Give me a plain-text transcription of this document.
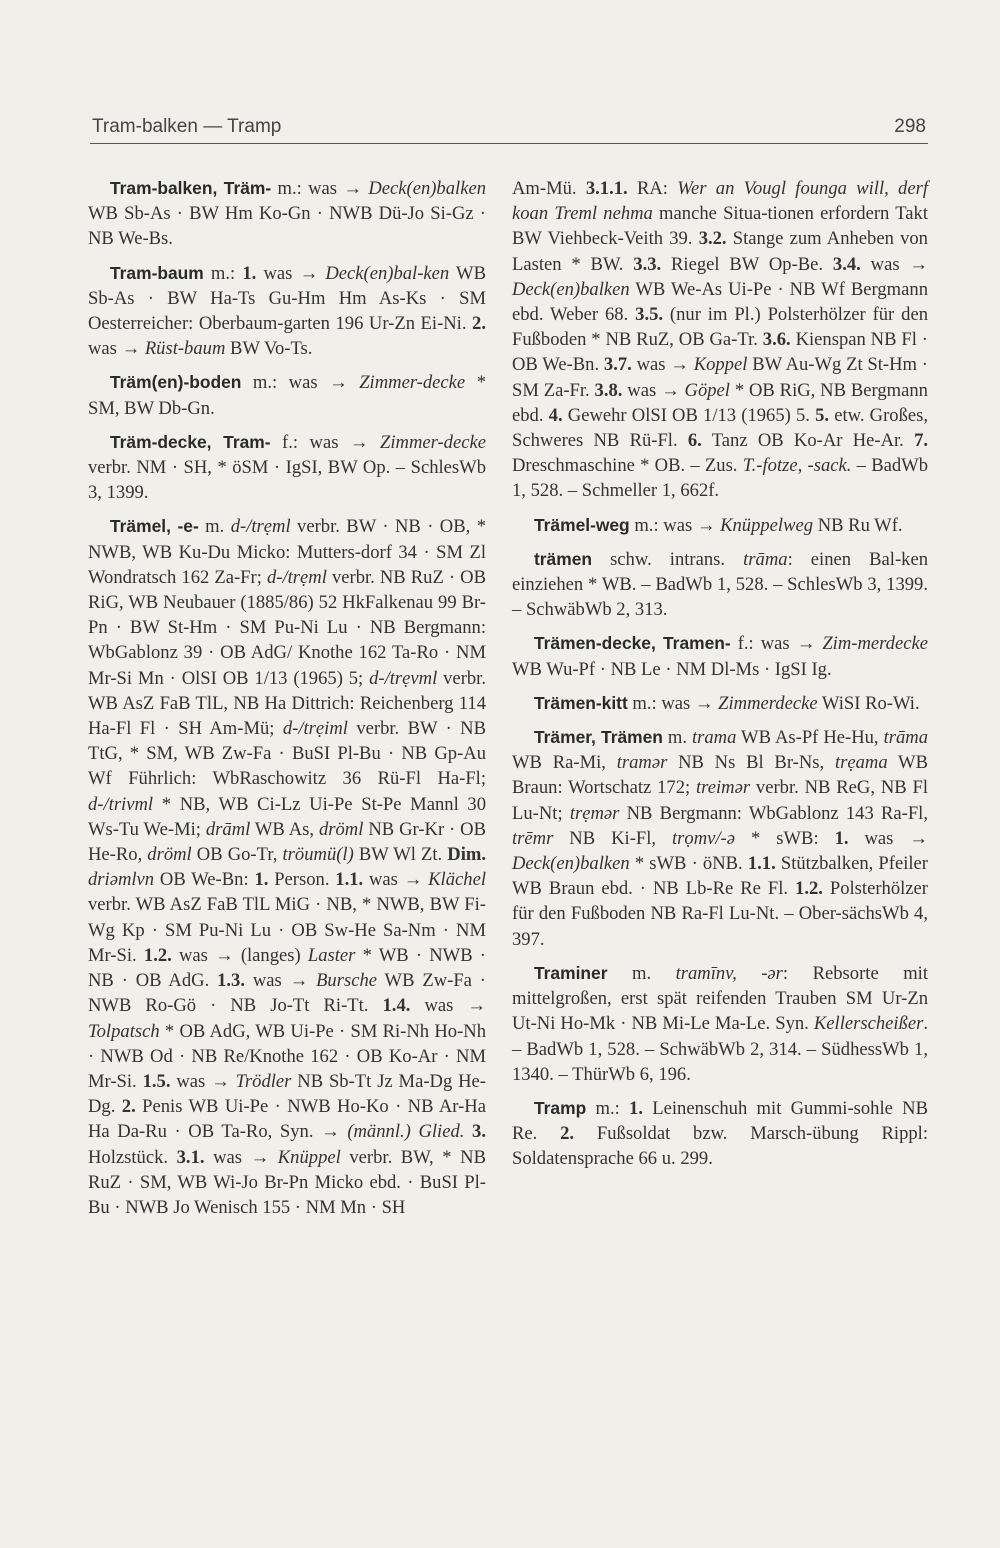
Tram-balken — Tramp	298

Tram-balken, Träm- m.: was → Deck(en)balken WB Sb-As · BW Hm Ko-Gn · NWB Dü-Jo Si-Gz · NB We-Bs.

Tram-baum m.: 1. was → Deck(en)bal-ken WB Sb-As · BW Ha-Ts Gu-Hm Hm As-Ks · SM Oesterreicher: Oberbaum-garten 196 Ur-Zn Ei-Ni. 2. was → Rüst-baum BW Vo-Ts.

Träm(en)-boden m.: was → Zimmer-decke * SM, BW Db-Gn.

Träm-decke, Tram- f.: was → Zimmer-decke verbr. NM · SH, * öSM · IgSI, BW Op. – SchlesWb 3, 1399.

Trämel, -e- m. d-/trẹml verbr. BW · NB · OB, * NWB, WB Ku-Du Micko: Mutters-dorf 34 · SM Zl Wondratsch 162 Za-Fr; d-/trẹml verbr. NB RuZ · OB RiG, WB Neubauer (1885/86) 52 HkFalkenau 99 Br-Pn · BW St-Hm · SM Pu-Ni Lu · NB Bergmann: WbGablonz 39 · OB AdG/ Knothe 162 Ta-Ro · NM Mr-Si Mn · OlSI OB 1/13 (1965) 5; d-/trẹvml verbr. WB AsZ FaB TlL, NB Ha Dittrich: Reichenberg 114 Ha-Fl Fl · SH Am-Mü; d-/trẹiml verbr. BW · NB TtG, * SM, WB Zw-Fa · BuSI Pl-Bu · NB Gp-Au Wf Führlich: WbRaschowitz 36 Rü-Fl Ha-Fl; d-/trivml * NB, WB Ci-Lz Ui-Pe St-Pe Mannl 30 Ws-Tu We-Mi; drāml WB As, dröml NB Gr-Kr · OB He-Ro, dröml OB Go-Tr, tröumü(l) BW Wl Zt. Dim. driəmlvn OB We-Bn: 1. Person. 1.1. was → Klächel verbr. WB AsZ FaB TlL MiG · NB, * NWB, BW Fi-Wg Kp · SM Pu-Ni Lu · OB Sw-He Sa-Nm · NM Mr-Si. 1.2. was → (langes) Laster * WB · NWB · NB · OB AdG. 1.3. was → Bursche WB Zw-Fa · NWB Ro-Gö · NB Jo-Tt Ri-Tt. 1.4. was → Tolpatsch * OB AdG, WB Ui-Pe · SM Ri-Nh Ho-Nh · NWB Od · NB Re/Knothe 162 · OB Ko-Ar · NM Mr-Si. 1.5. was → Trödler NB Sb-Tt Jz Ma-Dg He-Dg. 2. Penis WB Ui-Pe · NWB Ho-Ko · NB Ar-Ha Ha Da-Ru · OB Ta-Ro, Syn. → (männl.) Glied. 3. Holzstück. 3.1. was → Knüppel verbr. BW, * NB RuZ · SM, WB Wi-Jo Br-Pn Micko ebd. · BuSI Pl-Bu · NWB Jo Wenisch 155 · NM Mn · SH

Am-Mü. 3.1.1. RA: Wer an Vougl founga will, derf koan Treml nehma manche Situa-tionen erfordern Takt BW Viehbeck-Veith 39. 3.2. Stange zum Anheben von Lasten * BW. 3.3. Riegel BW Op-Be. 3.4. was → Deck(en)balken WB We-As Ui-Pe · NB Wf Bergmann ebd. Weber 68. 3.5. (nur im Pl.) Polsterhölzer für den Fußboden * NB RuZ, OB Ga-Tr. 3.6. Kienspan NB Fl · OB We-Bn. 3.7. was → Koppel BW Au-Wg Zt St-Hm · SM Za-Fr. 3.8. was → Göpel * OB RiG, NB Bergmann ebd. 4. Gewehr OlSI OB 1/13 (1965) 5. 5. etw. Großes, Schweres NB Rü-Fl. 6. Tanz OB Ko-Ar He-Ar. 7. Dreschmaschine * OB. – Zus. T.-fotze, -sack. – BadWb 1, 528. – Schmeller 1, 662f.

Trämel-weg m.: was → Knüppelweg NB Ru Wf.

trämen schw. intrans. trāma: einen Bal-ken einziehen * WB. – BadWb 1, 528. – SchlesWb 3, 1399. – SchwäbWb 2, 313.

Trämen-decke, Tramen- f.: was → Zim-merdecke WB Wu-Pf · NB Le · NM Dl-Ms · IgSI Ig.

Trämen-kitt m.: was → Zimmerdecke WiSI Ro-Wi.

Trämer, Trämen m. trama WB As-Pf He-Hu, trāma WB Ra-Mi, tramər NB Ns Bl Br-Ns, trẹama WB Braun: Wortschatz 172; treimər verbr. NB ReG, NB Fl Lu-Nt; trẹmər NB Bergmann: WbGablonz 143 Ra-Fl, trēmr NB Ki-Fl, trọmv/-ə * sWB: 1. was → Deck(en)balken * sWB · öNB. 1.1. Stützbalken, Pfeiler WB Braun ebd. · NB Lb-Re Re Fl. 1.2. Polsterhölzer für den Fußboden NB Ra-Fl Lu-Nt. – Ober-sächsWb 4, 397.

Traminer m. tramīnv, -ər: Rebsorte mit mittelgroßen, erst spät reifenden Trauben SM Ur-Zn Ut-Ni Ho-Mk · NB Mi-Le Ma-Le. Syn. Kellerscheißer. – BadWb 1, 528. – SchwäbWb 2, 314. – SüdhessWb 1, 1340. – ThürWb 6, 196.

Tramp m.: 1. Leinenschuh mit Gummi-sohle NB Re. 2. Fußsoldat bzw. Marsch-übung Rippl: Soldatensprache 66 u. 299.
